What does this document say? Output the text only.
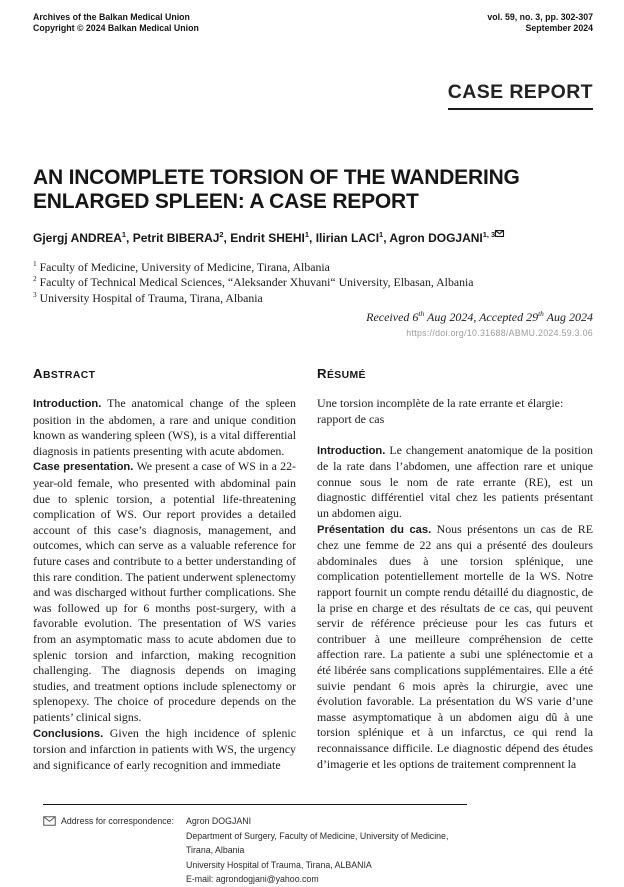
Archives of the Balkan Medical Union
Copyright © 2024 Balkan Medical Union
vol. 59, no. 3, pp. 302-307
September 2024
CASE REPORT
AN INCOMPLETE TORSION OF THE WANDERING
ENLARGED SPLEEN: A CASE REPORT
Gjergj ANDREA$^1$, Petrit BIBERAJ$^2$, Endrit SHEHI$^1$, Ilirian LACI$^1$, Agron DOGJANI$^{1, 3}$
$^1$ Faculty of Medicine, University of Medicine, Tirana, Albania
$^2$ Faculty of Technical Medical Sciences, “Aleksander Xhuvani“ University, Elbasan, Albania
$^3$ University Hospital of Trauma, Tirana, Albania
Received 6th Aug 2024, Accepted 29th Aug 2024
https://doi.org/10.31688/ABMU.2024.59.3.06
ABSTRACT

Introduction. The anatomical change of the spleen position in the abdomen, a rare and unique condition known as wandering spleen (WS), is a vital differential diagnosis in patients presenting with acute abdomen.

Case presentation. We present a case of WS in a 22-year-old female, who presented with abdominal pain due to splenic torsion, a potential life-threatening complication of WS. Our report provides a detailed account of this case’s diagnosis, management, and outcomes, which can serve as a valuable reference for future cases and contribute to a better understanding of this rare condition. The patient underwent splenectomy and was discharged without further complications. She was followed up for 6 months post-surgery, with a favorable evolution. The presentation of WS varies from an asymptomatic mass to acute abdomen due to splenic torsion and infarction, making recognition challenging. The diagnosis depends on imaging studies, and treatment options include splenectomy or splenopexy. The choice of procedure depends on the patients’ clinical signs.

Conclusions. Given the high incidence of splenic torsion and infarction in patients with WS, the urgency and significance of early recognition and immediate

RÉSUMÉ

Une torsion incomplète de la rate errante et élargie: rapport de cas

Introduction. Le changement anatomique de la position de la rate dans l’abdomen, une affection rare et unique connue sous le nom de rate errante (RE), est un diagnostic différentiel vital chez les patients présentant un abdomen aigu.

Présentation du cas. Nous présentons un cas de RE chez une femme de 22 ans qui a présenté des douleurs abdominales dues à une torsion splénique, une complication potentiellement mortelle de la WS. Notre rapport fournit un compte rendu détaillé du diagnostic, de la prise en charge et des résultats de ce cas, qui peuvent servir de référence précieuse pour les cas futurs et contribuer à une meilleure compréhension de cette affection rare. La patiente a subi une splénectomie et a été libérée sans complications supplémentaires. Elle a été suivie pendant 6 mois après la chirurgie, avec une évolution favorable. La présentation du WS varie d’une masse asymptomatique à un abdomen aigu dû à une torsion splénique et à un infarctus, ce qui rend la reconnaissance difficile. Le diagnostic dépend des études d’imagerie et les options de traitement comprennent la

Address for correspondence: Agron DOGJANI

Department of Surgery, Faculty of Medicine, University of Medicine, Tirana, Albania

University Hospital of Trauma, Tirana, ALBANIA

E-mail: agrondogjani@yahoo.com
